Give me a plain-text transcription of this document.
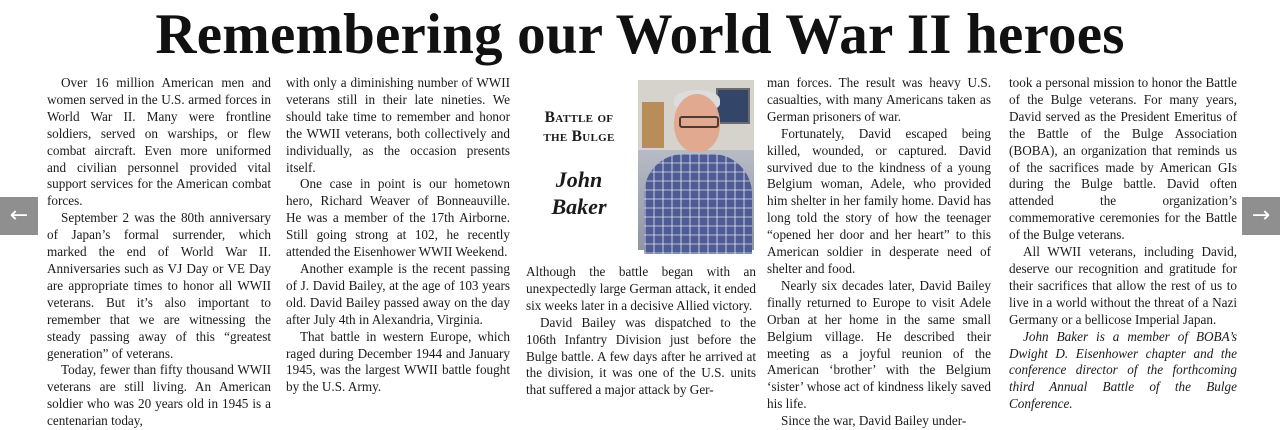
Remembering our World War II heroes

Over 16 million American men and women served in the U.S. armed forces in World War II. Many were frontline soldiers, served on warships, or flew combat aircraft. Even more uniformed and civilian personnel provided vital support services for the American combat forces.

September 2 was the 80th anniversary of Japan’s formal surrender, which marked the end of World War II. Anniversaries such as VJ Day or VE Day are appropriate times to honor all WWII veterans. But it’s also important to remember that we are witnessing the steady passing away of this “greatest generation” of veterans.

Today, fewer than fifty thousand WWII veterans are still living. An American soldier who was 20 years old in 1945 is a centenarian today,

with only a diminishing number of WWII veterans still in their late nineties. We should take time to remember and honor the WWII veterans, both collectively and individually, as the occasion presents itself.

One case in point is our hometown hero, Richard Weaver of Bonneauville. He was a member of the 17th Airborne. Still going strong at 102, he recently attended the Eisenhower WWII Weekend.

Another example is the recent passing of J. David Bailey, at the age of 103 years old. David Bailey passed away on the day after July 4th in Alexandria, Virginia.

That battle in western Europe, which raged during December 1944 and January 1945, was the largest WWII battle fought by the U.S. Army.

Battle of
the Bulge
John
Baker

Although the battle began with an unexpectedly large German attack, it ended six weeks later in a decisive Allied victory.

David Bailey was dispatched to the 106th Infantry Division just before the Bulge battle. A few days after he arrived at the division, it was one of the U.S. units that suffered a major attack by Ger-

man forces. The result was heavy U.S. casualties, with many Americans taken as German prisoners of war.

Fortunately, David escaped being killed, wounded, or captured. David survived due to the kindness of a young Belgium woman, Adele, who provided him shelter in her family home. David has long told the story of how the teenager “opened her door and her heart” to this American soldier in desperate need of shelter and food.

Nearly six decades later, David Bailey finally returned to Europe to visit Adele Orban at her home in the same small Belgium village. He described their meeting as a joyful reunion of the American ‘brother’ with the Belgium ‘sister’ whose act of kindness likely saved his life.

Since the war, David Bailey under-

took a personal mission to honor the Battle of the Bulge veterans. For many years, David served as the President Emeritus of the Battle of the Bulge Association (BOBA), an organization that reminds us of the sacrifices made by American GIs during the Bulge battle. David often attended the organization’s commemorative ceremonies for the Battle of the Bulge veterans.

All WWII veterans, including David, deserve our recognition and gratitude for their sacrifices that allow the rest of us to live in a world without the threat of a Nazi Germany or a bellicose Imperial Japan.

John Baker is a member of BOBA’s Dwight D. Eisenhower chapter and the conference director of the forthcoming third Annual Battle of the Bulge Conference.

←	→
